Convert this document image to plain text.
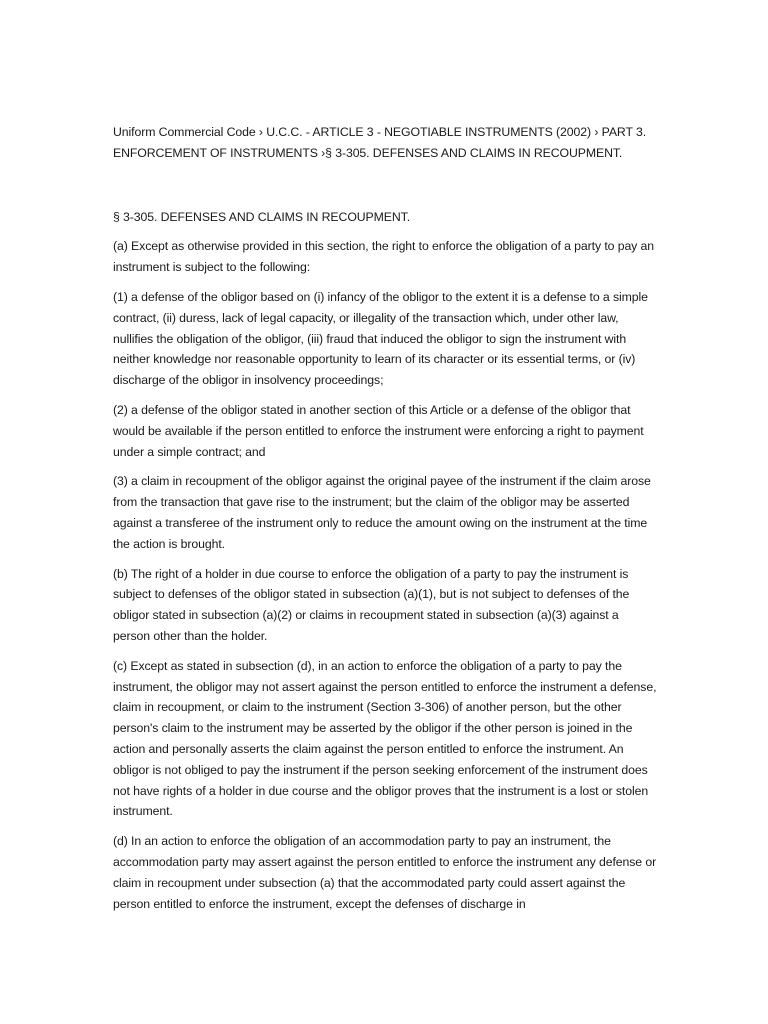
Uniform Commercial Code › U.C.C. - ARTICLE 3 - NEGOTIABLE INSTRUMENTS (2002) › PART 3. ENFORCEMENT OF INSTRUMENTS ›§ 3-305. DEFENSES AND CLAIMS IN RECOUPMENT.

§ 3-305. DEFENSES AND CLAIMS IN RECOUPMENT.

(a) Except as otherwise provided in this section, the right to enforce the obligation of a party to pay an instrument is subject to the following:

(1) a defense of the obligor based on (i) infancy of the obligor to the extent it is a defense to a simple contract, (ii) duress, lack of legal capacity, or illegality of the transaction which, under other law, nullifies the obligation of the obligor, (iii) fraud that induced the obligor to sign the instrument with neither knowledge nor reasonable opportunity to learn of its character or its essential terms, or (iv) discharge of the obligor in insolvency proceedings;

(2) a defense of the obligor stated in another section of this Article or a defense of the obligor that would be available if the person entitled to enforce the instrument were enforcing a right to payment under a simple contract; and

(3) a claim in recoupment of the obligor against the original payee of the instrument if the claim arose from the transaction that gave rise to the instrument; but the claim of the obligor may be asserted against a transferee of the instrument only to reduce the amount owing on the instrument at the time the action is brought.

(b) The right of a holder in due course to enforce the obligation of a party to pay the instrument is subject to defenses of the obligor stated in subsection (a)(1), but is not subject to defenses of the obligor stated in subsection (a)(2) or claims in recoupment stated in subsection (a)(3) against a person other than the holder.

(c) Except as stated in subsection (d), in an action to enforce the obligation of a party to pay the instrument, the obligor may not assert against the person entitled to enforce the instrument a defense, claim in recoupment, or claim to the instrument (Section 3-306) of another person, but the other person's claim to the instrument may be asserted by the obligor if the other person is joined in the action and personally asserts the claim against the person entitled to enforce the instrument. An obligor is not obliged to pay the instrument if the person seeking enforcement of the instrument does not have rights of a holder in due course and the obligor proves that the instrument is a lost or stolen instrument.

(d) In an action to enforce the obligation of an accommodation party to pay an instrument, the accommodation party may assert against the person entitled to enforce the instrument any defense or claim in recoupment under subsection (a) that the accommodated party could assert against the person entitled to enforce the instrument, except the defenses of discharge in
